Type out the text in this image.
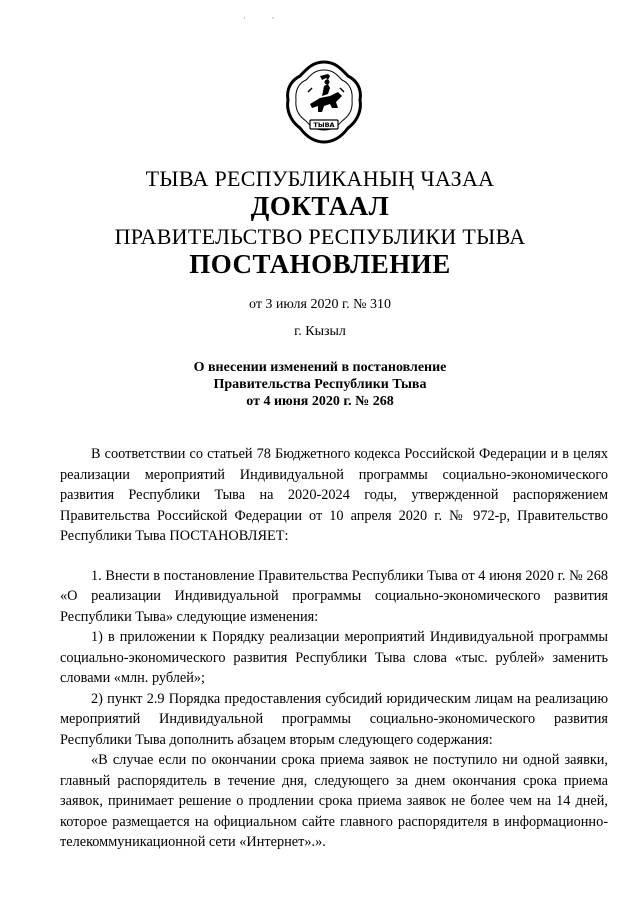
· ·
ТЫВА
ТЫВА РЕСПУБЛИКАНЫҢ ЧАЗАА
ДОКТААЛ
ПРАВИТЕЛЬСТВО РЕСПУБЛИКИ ТЫВА
ПОСТАНОВЛЕНИЕ
от 3 июля 2020 г. № 310
г. Кызыл
О внесении изменений в постановление
Правительства Республики Тыва
от 4 июня 2020 г. № 268

В соответствии со статьей 78 Бюджетного кодекса Российской Федерации и в целях реализации мероприятий Индивидуальной программы социально-экономического развития Республики Тыва на 2020-2024 годы, утвержденной распоряжением Правительства Российской Федерации от 10 апреля 2020 г. № 972-р, Правительство Республики Тыва ПОСТАНОВЛЯЕТ:

1. Внести в постановление Правительства Республики Тыва от 4 июня 2020 г. № 268 «О реализации Индивидуальной программы социально-экономического развития Республики Тыва» следующие изменения:

1) в приложении к Порядку реализации мероприятий Индивидуальной программы социально-экономического развития Республики Тыва слова «тыс. рублей» заменить словами «млн. рублей»;

2) пункт 2.9 Порядка предоставления субсидий юридическим лицам на реализацию мероприятий Индивидуальной программы социально-экономического развития Республики Тыва дополнить абзацем вторым следующего содержания:

«В случае если по окончании срока приема заявок не поступило ни одной заявки, главный распорядитель в течение дня, следующего за днем окончания срока приема заявок, принимает решение о продлении срока приема заявок не более чем на 14 дней, которое размещается на официальном сайте главного распорядителя в информационно-телекоммуникационной сети «Интернет».».
